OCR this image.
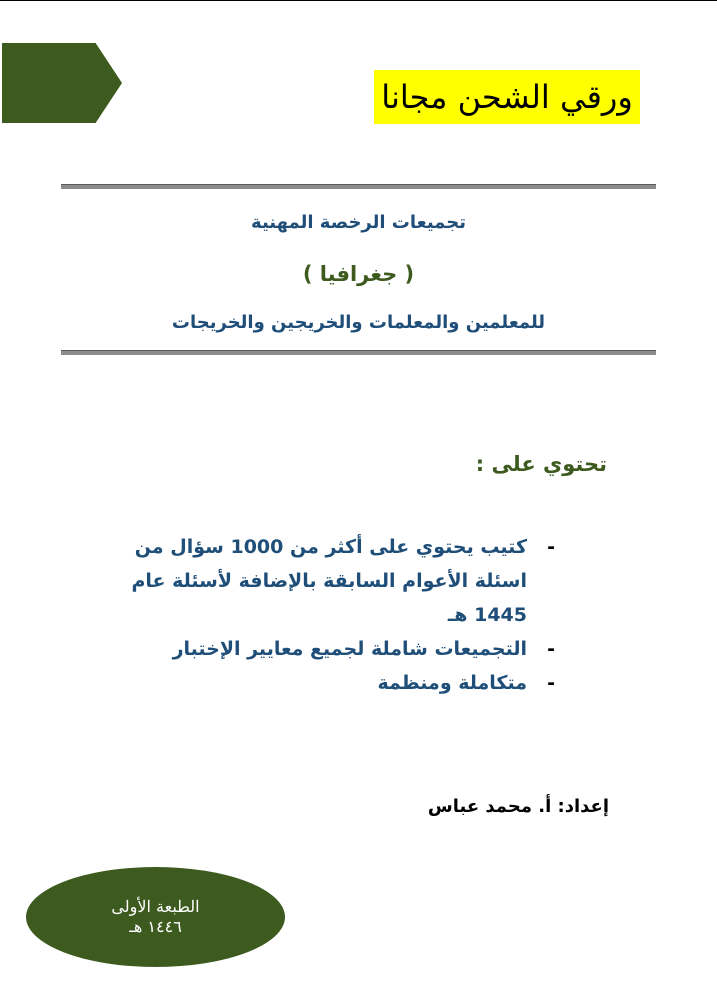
ورقي الشحن مجانا
تجميعات الرخصة المهنية
( جغرافيا )
للمعلمين والمعلمات والخريجين والخريجات
تحتوي على :
-
كتيب يحتوي على أكثر من 1000 سؤال من اسئلة الأعوام السابقة بالإضافة لأسئلة عام 1445 هـ
-
التجميعات شاملة لجميع معايير الإختبار
-
متكاملة ومنظمة
إعداد: أ. محمد عباس
الطبعة الأولى
١٤٤٦ هـ
